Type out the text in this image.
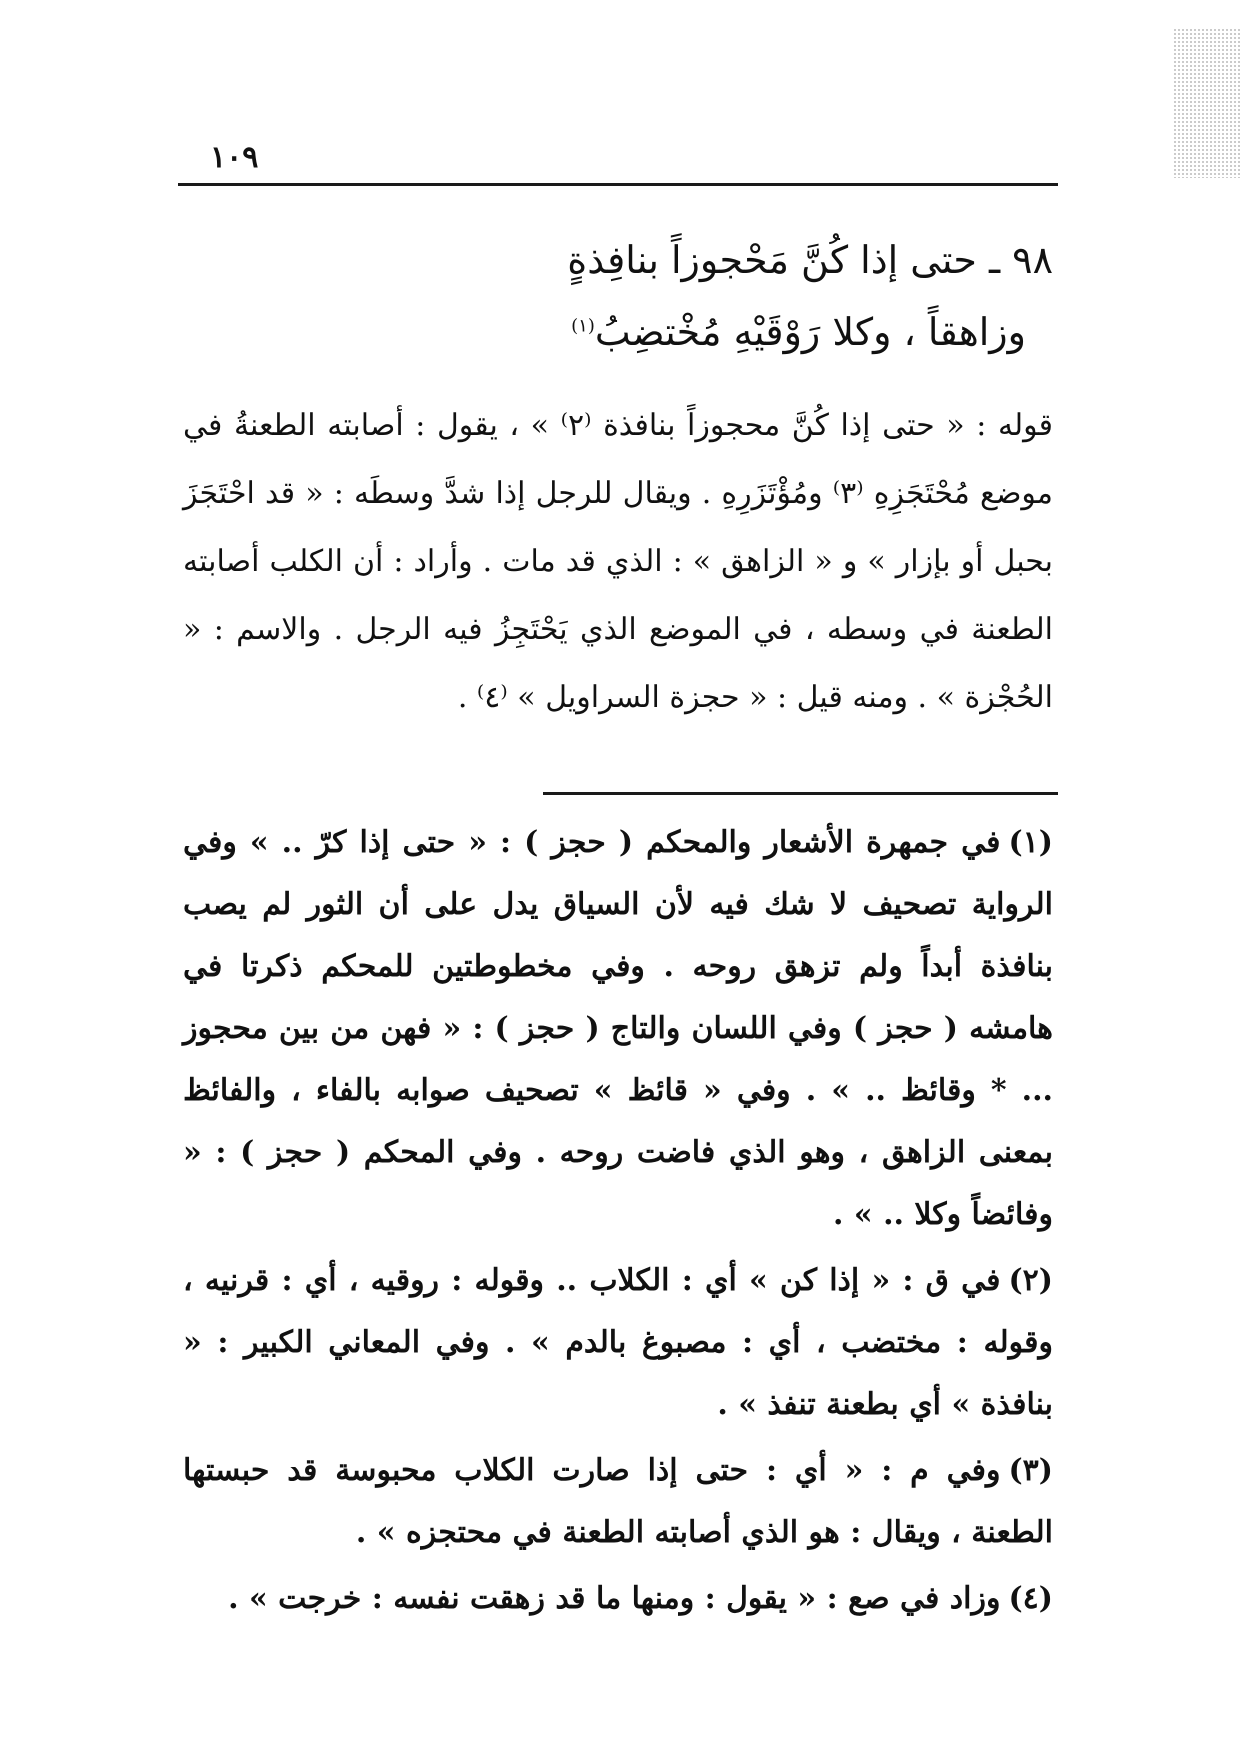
١٠٩
٩٨ ـ حتى إذا كُنَّ مَحْجوزاً بنافِذةٍ
وزاهقاً ، وكلا رَوْقَيْهِ مُخْتضِبُ$^{(١)}$
قوله : « حتى إذا كُنَّ محجوزاً بنافذة ⁽٢⁾ » ، يقول : أصابته الطعنةُ في موضع مُحْتَجَزِهِ ⁽٣⁾ ومُؤْتَزَرِهِ . ويقال للرجل إذا شدَّ وسطَه : « قد احْتَجَزَ بحبل أو بإزار » و « الزاهق » : الذي قد مات . وأراد : أن الكلب أصابته الطعنة في وسطه ، في الموضع الذي يَحْتَجِزُ فيه الرجل . والاسم : « الحُجْزة » . ومنه قيل : « حجزة السراويل » ⁽٤⁾ .

(١)في جمهرة الأشعار والمحكم ( حجز ) : « حتى إذا كرّ .. » وفي الرواية تصحيف لا شك فيه لأن السياق يدل على أن الثور لم يصب بنافذة أبداً ولم تزهق روحه . وفي مخطوطتين للمحكم ذكرتا في هامشه ( حجز ) وفي اللسان والتاج ( حجز ) : « فهن من بين محجوز ... * وقائظ .. » . وفي « قائظ » تصحيف صوابه بالفاء ، والفائظ بمعنى الزاهق ، وهو الذي فاضت روحه . وفي المحكم ( حجز ) : « وفائضاً وكلا .. » .

(٢)في ق : « إذا كن » أي : الكلاب .. وقوله : روقيه ، أي : قرنيه ، وقوله : مختضب ، أي : مصبوغ بالدم » . وفي المعاني الكبير : « بنافذة » أي بطعنة تنفذ » .

(٣)وفي م : « أي : حتى إذا صارت الكلاب محبوسة قد حبستها الطعنة ، ويقال : هو الذي أصابته الطعنة في محتجزه » .

(٤)وزاد في صع : « يقول : ومنها ما قد زهقت نفسه : خرجت » .
